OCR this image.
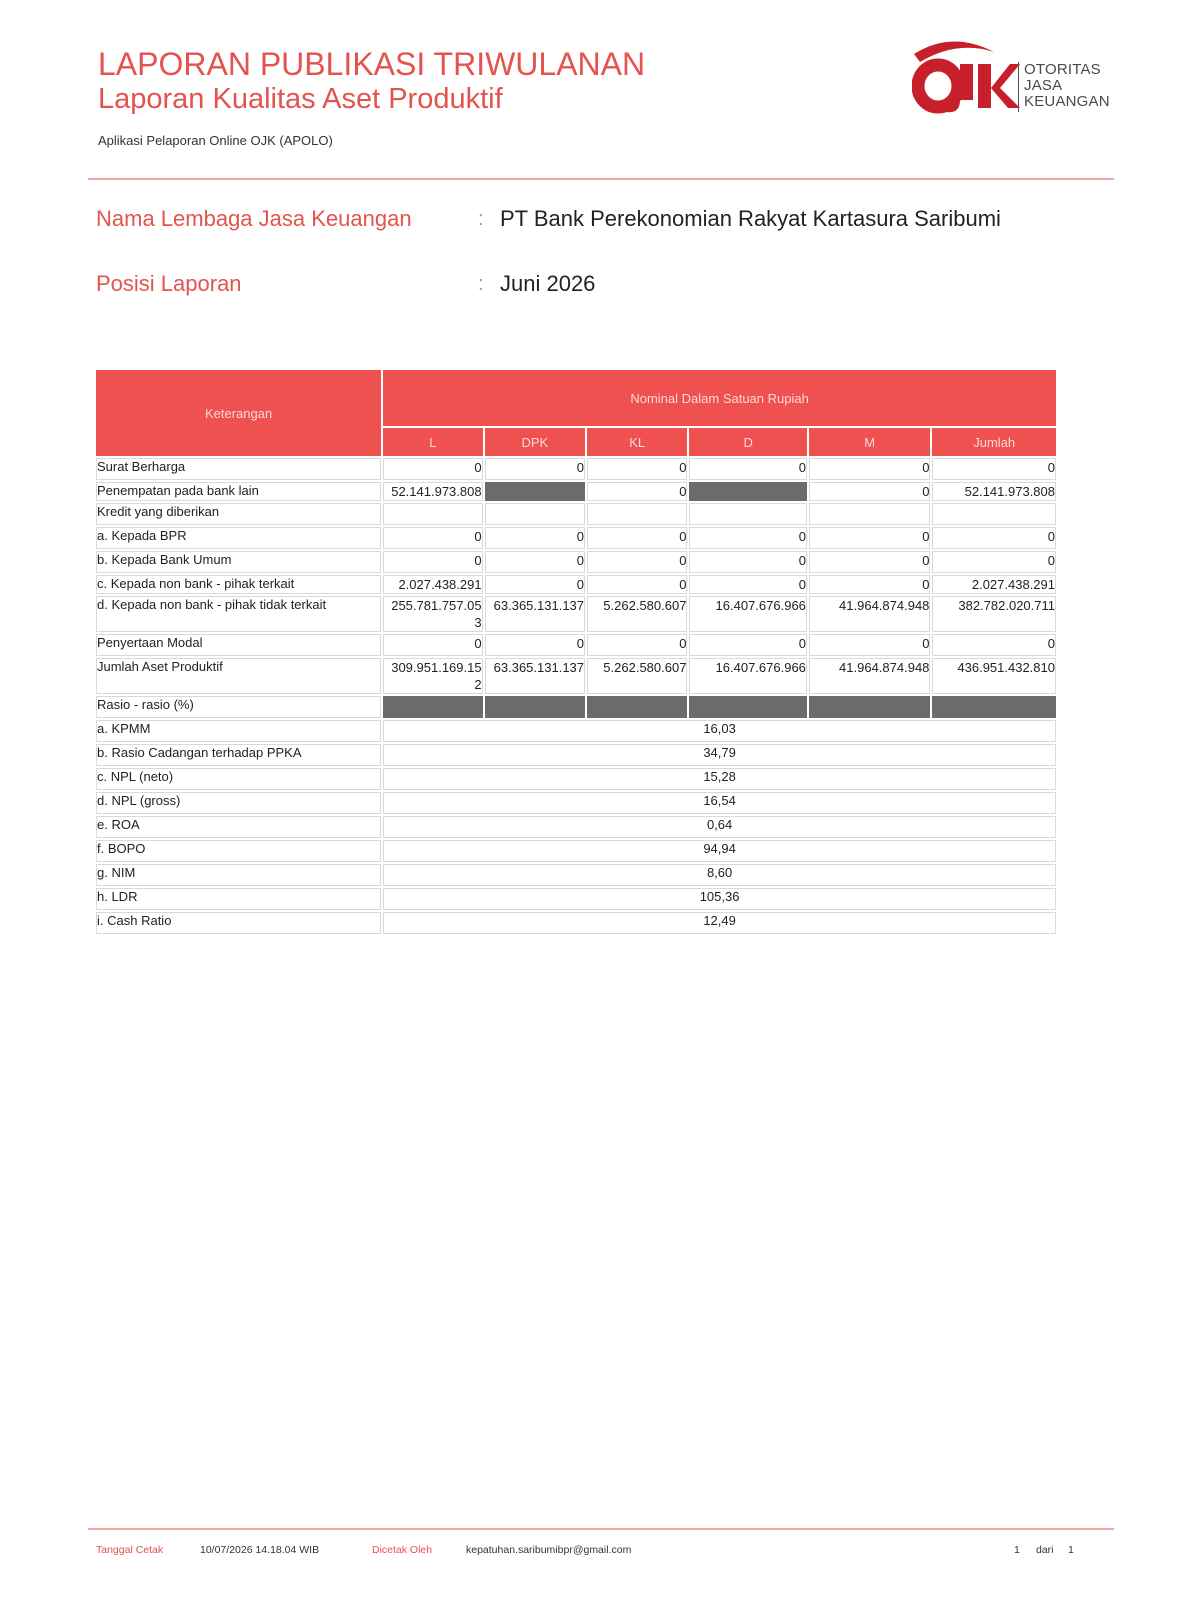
LAPORAN PUBLIKASI TRIWULANAN
Laporan Kualitas Aset Produktif
Aplikasi Pelaporan Online OJK (APOLO)
OTORITAS
JASA
KEUANGAN
Nama Lembaga Jasa Keuangan	: PT Bank Perekonomian Rakyat Kartasura Saribumi
Posisi Laporan	: Juni 2026
Keterangan	Nominal Dalam Satuan Rupiah					
	L	DPK	KL	D	M	Jumlah
Surat Berharga	0	0	0	0	0	0
Penempatan pada bank lain	52.141.973.808		0		0	52.141.973.808
Kredit yang diberikan						
a. Kepada BPR	0	0	0	0	0	0
b. Kepada Bank Umum	0	0	0	0	0	0
c. Kepada non bank - pihak terkait	2.027.438.291	0	0	0	0	2.027.438.291
d. Kepada non bank - pihak tidak terkait	255.781.757.053	63.365.131.137	5.262.580.607	16.407.676.966	41.964.874.948	382.782.020.711
Penyertaan Modal	0	0	0	0	0	0
Jumlah Aset Produktif	309.951.169.152	63.365.131.137	5.262.580.607	16.407.676.966	41.964.874.948	436.951.432.810
Rasio - rasio (%)						
a. KPMM	16,03					
b. Rasio Cadangan terhadap PPKA	34,79					
c. NPL (neto)	15,28					
d. NPL (gross)	16,54					
e. ROA	0,64					
f. BOPO	94,94					
g. NIM	8,60					
h. LDR	105,36					
i. Cash Ratio	12,49					
Tanggal Cetak	10/07/2026 14.18.04 WIB	Dicetak Oleh	kepatuhan.saribumibpr@gmail.com	1 dari 1
